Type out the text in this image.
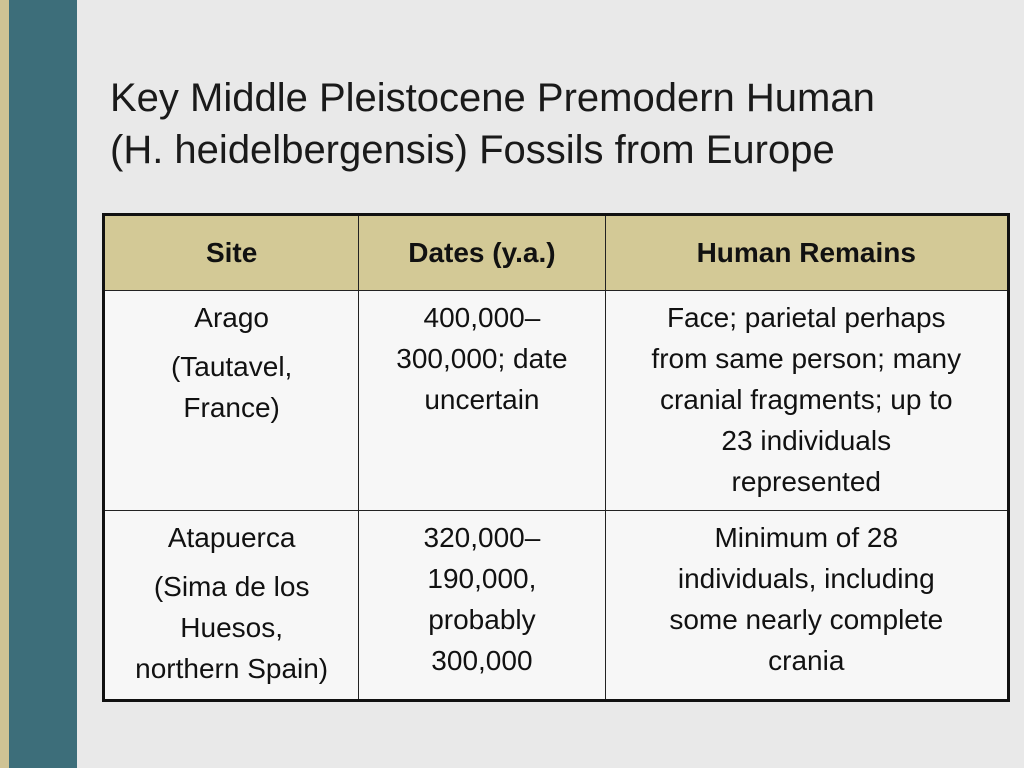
Key Middle Pleistocene Premodern Human
(H. heidelbergensis) Fossils from Europe
Site	Dates (y.a.)	Human Remains

Arago
(Tautavel,
France)	400,000–
300,000; date
uncertain	Face; parietal perhaps
from same person; many
cranial fragments; up to
23 individuals
represented

Atapuerca
(Sima de los
Huesos,
northern Spain)	320,000–
190,000,
probably
300,000	Minimum of 28
individuals, including
some nearly complete
crania
